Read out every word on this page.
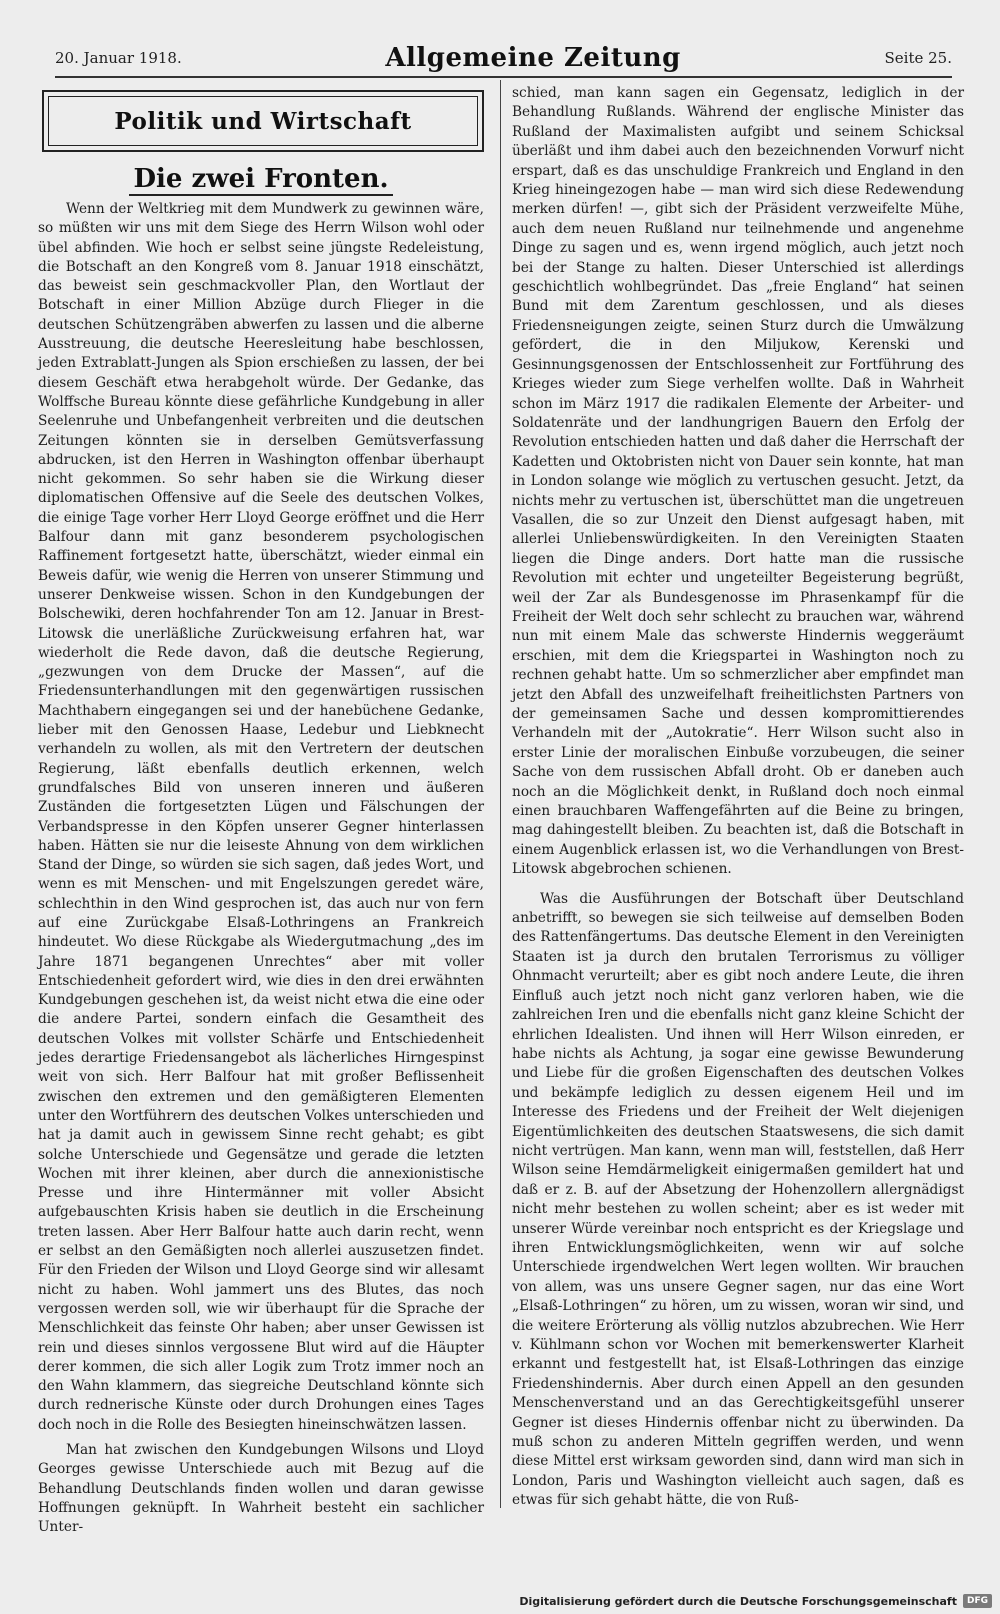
20. Januar 1918.	Allgemeine Zeitung	Seite 25.
Politik und Wirtschaft
Die zwei Fronten.

Wenn der Weltkrieg mit dem Mundwerk zu gewinnen wäre, so müßten wir uns mit dem Siege des Herrn Wilson wohl oder übel abfinden. Wie hoch er selbst seine jüngste Redeleistung, die Botschaft an den Kongreß vom 8. Januar 1918 einschätzt, das beweist sein geschmackvoller Plan, den Wortlaut der Botschaft in einer Million Abzüge durch Flieger in die deutschen Schützengräben abwerfen zu lassen und die alberne Ausstreuung, die deutsche Heeresleitung habe beschlossen, jeden Extrablatt-Jungen als Spion erschießen zu lassen, der bei diesem Geschäft etwa herabgeholt würde. Der Gedanke, das Wolffsche Bureau könnte diese gefährliche Kundgebung in aller Seelenruhe und Unbefangenheit verbreiten und die deutschen Zeitungen könnten sie in derselben Gemütsverfassung abdrucken, ist den Herren in Washington offenbar überhaupt nicht gekommen. So sehr haben sie die Wirkung dieser diplomatischen Offensive auf die Seele des deutschen Volkes, die einige Tage vorher Herr Lloyd George eröffnet und die Herr Balfour dann mit ganz besonderem psychologischen Raffinement fortgesetzt hatte, überschätzt, wieder einmal ein Beweis dafür, wie wenig die Herren von unserer Stimmung und unserer Denkweise wissen. Schon in den Kundgebungen der Bolschewiki, deren hochfahrender Ton am 12. Januar in Brest-Litowsk die unerläßliche Zurückweisung erfahren hat, war wiederholt die Rede davon, daß die deutsche Regierung, „gezwungen von dem Drucke der Massen“, auf die Friedensunterhandlungen mit den gegenwärtigen russischen Machthabern eingegangen sei und der hanebüchene Gedanke, lieber mit den Genossen Haase, Ledebur und Liebknecht verhandeln zu wollen, als mit den Vertretern der deutschen Regierung, läßt ebenfalls deutlich erkennen, welch grundfalsches Bild von unseren inneren und äußeren Zuständen die fortgesetzten Lügen und Fälschungen der Verbandspresse in den Köpfen unserer Gegner hinterlassen haben. Hätten sie nur die leiseste Ahnung von dem wirklichen Stand der Dinge, so würden sie sich sagen, daß jedes Wort, und wenn es mit Menschen- und mit Engelszungen geredet wäre, schlechthin in den Wind gesprochen ist, das auch nur von fern auf eine Zurückgabe Elsaß-Lothringens an Frankreich hindeutet. Wo diese Rückgabe als Wiedergutmachung „des im Jahre 1871 begangenen Unrechtes“ aber mit voller Entschiedenheit gefordert wird, wie dies in den drei erwähnten Kundgebungen geschehen ist, da weist nicht etwa die eine oder die andere Partei, sondern einfach die Gesamtheit des deutschen Volkes mit vollster Schärfe und Entschiedenheit jedes derartige Friedensangebot als lächerliches Hirngespinst weit von sich. Herr Balfour hat mit großer Beflissenheit zwischen den extremen und den gemäßigteren Elementen unter den Wortführern des deutschen Volkes unterschieden und hat ja damit auch in gewissem Sinne recht gehabt; es gibt solche Unterschiede und Gegensätze und gerade die letzten Wochen mit ihrer kleinen, aber durch die annexionistische Presse und ihre Hintermänner mit voller Absicht aufgebauschten Krisis haben sie deutlich in die Erscheinung treten lassen. Aber Herr Balfour hatte auch darin recht, wenn er selbst an den Gemäßigten noch allerlei auszusetzen findet. Für den Frieden der Wilson und Lloyd George sind wir allesamt nicht zu haben. Wohl jammert uns des Blutes, das noch vergossen werden soll, wie wir überhaupt für die Sprache der Menschlichkeit das feinste Ohr haben; aber unser Gewissen ist rein und dieses sinnlos vergossene Blut wird auf die Häupter derer kommen, die sich aller Logik zum Trotz immer noch an den Wahn klammern, das siegreiche Deutschland könnte sich durch rednerische Künste oder durch Drohungen eines Tages doch noch in die Rolle des Besiegten hineinschwätzen lassen.

Man hat zwischen den Kundgebungen Wilsons und Lloyd Georges gewisse Unterschiede auch mit Bezug auf die Behandlung Deutschlands finden wollen und daran gewisse Hoffnungen geknüpft. In Wahrheit besteht ein sachlicher Unter-

schied, man kann sagen ein Gegensatz, lediglich in der Behandlung Rußlands. Während der englische Minister das Rußland der Maximalisten aufgibt und seinem Schicksal überläßt und ihm dabei auch den bezeichnenden Vorwurf nicht erspart, daß es das unschuldige Frankreich und England in den Krieg hineingezogen habe — man wird sich diese Redewendung merken dürfen! —, gibt sich der Präsident verzweifelte Mühe, auch dem neuen Rußland nur teilnehmende und angenehme Dinge zu sagen und es, wenn irgend möglich, auch jetzt noch bei der Stange zu halten. Dieser Unterschied ist allerdings geschichtlich wohlbegründet. Das „freie England“ hat seinen Bund mit dem Zarentum geschlossen, und als dieses Friedensneigungen zeigte, seinen Sturz durch die Umwälzung gefördert, die in den Miljukow, Kerenski und Gesinnungsgenossen der Entschlossenheit zur Fortführung des Krieges wieder zum Siege verhelfen wollte. Daß in Wahrheit schon im März 1917 die radikalen Elemente der Arbeiter- und Soldatenräte und der landhungrigen Bauern den Erfolg der Revolution entschieden hatten und daß daher die Herrschaft der Kadetten und Oktobristen nicht von Dauer sein konnte, hat man in London solange wie möglich zu vertuschen gesucht. Jetzt, da nichts mehr zu vertuschen ist, überschüttet man die ungetreuen Vasallen, die so zur Unzeit den Dienst aufgesagt haben, mit allerlei Unliebenswürdigkeiten. In den Vereinigten Staaten liegen die Dinge anders. Dort hatte man die russische Revolution mit echter und ungeteilter Begeisterung begrüßt, weil der Zar als Bundesgenosse im Phrasenkampf für die Freiheit der Welt doch sehr schlecht zu brauchen war, während nun mit einem Male das schwerste Hindernis weggeräumt erschien, mit dem die Kriegspartei in Washington noch zu rechnen gehabt hatte. Um so schmerzlicher aber empfindet man jetzt den Abfall des unzweifelhaft freiheitlichsten Partners von der gemeinsamen Sache und dessen kompromittierendes Verhandeln mit der „Autokratie“. Herr Wilson sucht also in erster Linie der moralischen Einbuße vorzubeugen, die seiner Sache von dem russischen Abfall droht. Ob er daneben auch noch an die Möglichkeit denkt, in Rußland doch noch einmal einen brauchbaren Waffengefährten auf die Beine zu bringen, mag dahingestellt bleiben. Zu beachten ist, daß die Botschaft in einem Augenblick erlassen ist, wo die Verhandlungen von Brest-Litowsk abgebrochen schienen.

Was die Ausführungen der Botschaft über Deutschland anbetrifft, so bewegen sie sich teilweise auf demselben Boden des Rattenfängertums. Das deutsche Element in den Vereinigten Staaten ist ja durch den brutalen Terrorismus zu völliger Ohnmacht verurteilt; aber es gibt noch andere Leute, die ihren Einfluß auch jetzt noch nicht ganz verloren haben, wie die zahlreichen Iren und die ebenfalls nicht ganz kleine Schicht der ehrlichen Idealisten. Und ihnen will Herr Wilson einreden, er habe nichts als Achtung, ja sogar eine gewisse Bewunderung und Liebe für die großen Eigenschaften des deutschen Volkes und bekämpfe lediglich zu dessen eigenem Heil und im Interesse des Friedens und der Freiheit der Welt diejenigen Eigentümlichkeiten des deutschen Staatswesens, die sich damit nicht vertrügen. Man kann, wenn man will, feststellen, daß Herr Wilson seine Hemdärmeligkeit einigermaßen gemildert hat und daß er z. B. auf der Absetzung der Hohenzollern allergnädigst nicht mehr bestehen zu wollen scheint; aber es ist weder mit unserer Würde vereinbar noch entspricht es der Kriegslage und ihren Entwicklungsmöglichkeiten, wenn wir auf solche Unterschiede irgendwelchen Wert legen wollten. Wir brauchen von allem, was uns unsere Gegner sagen, nur das eine Wort „Elsaß-Lothringen“ zu hören, um zu wissen, woran wir sind, und die weitere Erörterung als völlig nutzlos abzubrechen. Wie Herr v. Kühlmann schon vor Wochen mit bemerkenswerter Klarheit erkannt und festgestellt hat, ist Elsaß-Lothringen das einzige Friedenshindernis. Aber durch einen Appell an den gesunden Menschenverstand und an das Gerechtigkeitsgefühl unserer Gegner ist dieses Hindernis offenbar nicht zu überwinden. Da muß schon zu anderen Mitteln gegriffen werden, und wenn diese Mittel erst wirksam geworden sind, dann wird man sich in London, Paris und Washington vielleicht auch sagen, daß es etwas für sich gehabt hätte, die von Ruß-

Digitalisierung gefördert durch die Deutsche Forschungsgemeinschaft	DFG
